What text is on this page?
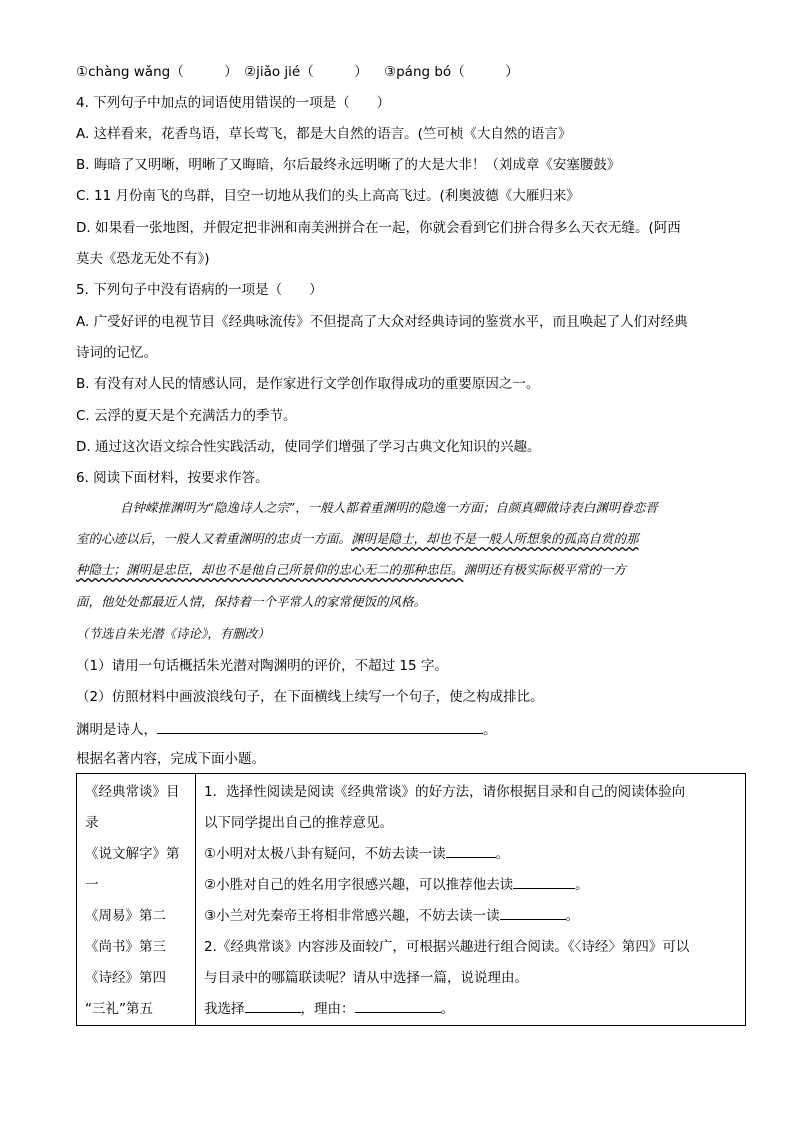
①chàng wǎng（　　　） ②jiǎo jié（　　　） ③páng bó（　　　）
4. 下列句子中加点的词语使用错误的一项是（　　）
A. 这样看来，花香鸟语，草长莺飞，都是大自然的语言。(竺可桢《大自然的语言》
B. 晦暗了又明晰，明晰了又晦暗，尔后最终永远明晰了的大是大非！（刘成章《安塞腰鼓》
C. 11 月份南飞的鸟群，目空一切地从我们的头上高高飞过。(利奥波德《大雁归来》
D. 如果看一张地图，并假定把非洲和南美洲拼合在一起，你就会看到它们拼合得多么天衣无缝。(阿西
莫夫《恐龙无处不有》)
5. 下列句子中没有语病的一项是（　　）
A. 广受好评的电视节目《经典咏流传》不但提高了大众对经典诗词的鉴赏水平，而且唤起了人们对经典
诗词的记忆。
B. 有没有对人民的情感认同，是作家进行文学创作取得成功的重要原因之一。
C. 云浮的夏天是个充满活力的季节。
D. 通过这次语文综合性实践活动，使同学们增强了学习古典文化知识的兴趣。
6. 阅读下面材料，按要求作答。
自钟嵘推渊明为“隐逸诗人之宗”，一般人都着重渊明的隐逸一方面；自颜真卿做诗表白渊明眷恋晋
室的心迹以后，一般人又着重渊明的忠贞一方面。渊明是隐士，却也不是一般人所想象的孤高自赏的那
种隐士；渊明是忠臣，却也不是他自己所景仰的忠心无二的那种忠臣。渊明还有极实际极平常的一方
面，他处处都最近人情，保持着一个平常人的家常便饭的风格。
（节选自朱光潜《诗论》，有删改）
（1）请用一句话概括朱光潜对陶渊明的评价，不超过 15 字。
（2）仿照材料中画波浪线句子，在下面横线上续写一个句子，使之构成排比。
渊明是诗人，	。
根据名著内容，完成下面小题。
《经典常谈》目
录
《说文解字》第
一
《周易》第二
《尚书》第三
《诗经》第四
“三礼”第五

1．选择性阅读是阅读《经典常谈》的好方法，请你根据目录和自己的阅读体验向
以下同学提出自己的推荐意见。
①小明对太极八卦有疑问，不妨去读一读	。
②小胜对自己的姓名用字很感兴趣，可以推荐他去读	。
③小兰对先秦帝王将相非常感兴趣，不妨去读一读	。
2.《经典常谈》内容涉及面较广，可根据兴趣进行组合阅读。《〈诗经〉第四》可以
与目录中的哪篇联读呢？请从中选择一篇，说说理由。
我选择	，理由：	。
